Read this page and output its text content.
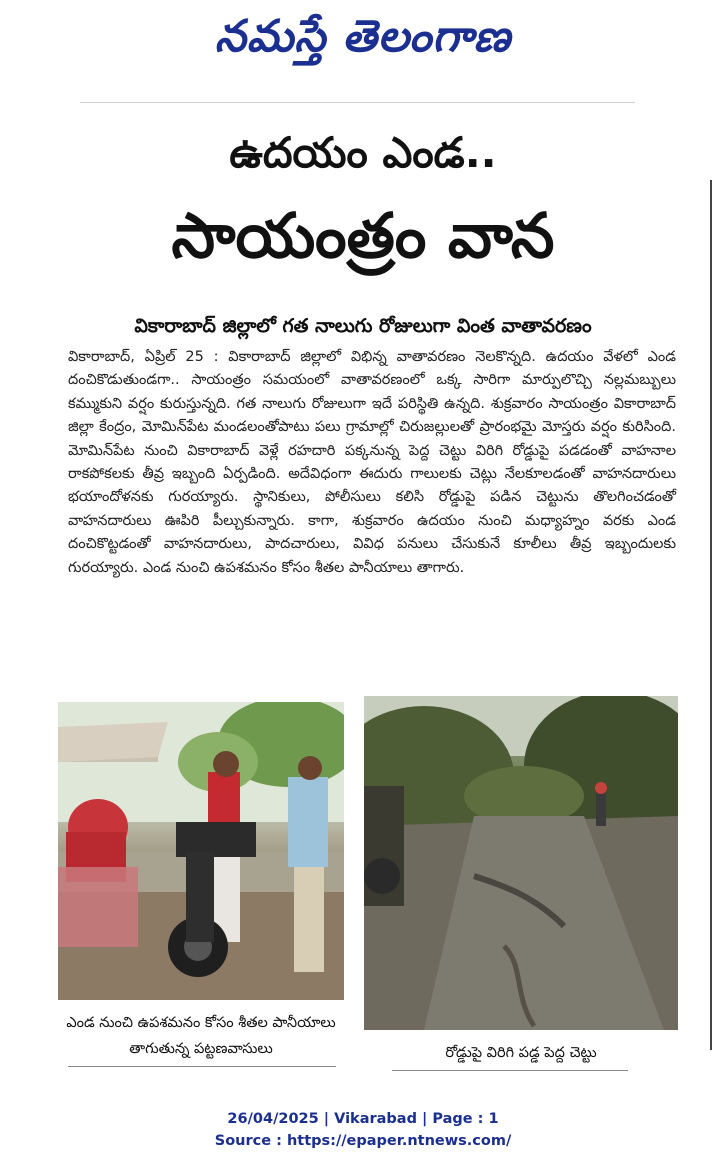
నమస్తే తెలంగాణ
ఉదయం ఎండ..
సాయంత్రం వాన
వికారాబాద్ జిల్లాలో గత నాలుగు రోజులుగా వింత వాతావరణం
వికారాబాద్, ఏప్రిల్ 25 : వికారాబాద్ జిల్లాలో విభిన్న వాతావరణం నెలకొన్నది. ఉదయం వేళలో ఎండ దంచికొడుతుండగా.. సాయంత్రం సమయంలో వాతావరణంలో ఒక్క సారిగా మార్పులొచ్చి నల్లమబ్బులు కమ్ముకుని వర్షం కురుస్తున్నది. గత నాలుగు రోజులుగా ఇదే పరిస్థితి ఉన్నది. శుక్రవారం సాయంత్రం వికారాబాద్ జిల్లా కేంద్రం, మోమిన్‌పేట మండలంతోపాటు పలు గ్రామాల్లో చిరుజల్లులతో ప్రారంభమై మోస్తరు వర్షం కురిసింది. మోమిన్‌పేట నుంచి వికారాబాద్ వెళ్లే రహదారి పక్కనున్న పెద్ద చెట్టు విరిగి రోడ్డుపై పడడంతో వాహనాల రాకపోకలకు తీవ్ర ఇబ్బంది ఏర్పడింది. అదేవిధంగా ఈదురు గాలులకు చెట్లు నేలకూలడంతో వాహనదారులు భయాందోళనకు గురయ్యారు. స్థానికులు, పోలీసులు కలిసి రోడ్డుపై పడిన చెట్టును తొలగించడంతో వాహనదారులు ఊపిరి పీల్చుకున్నారు. కాగా, శుక్రవారం ఉదయం నుంచి మధ్యాహ్నం వరకు ఎండ దంచికొట్టడంతో వాహనదారులు, పాదచారులు, వివిధ పనులు చేసుకునే కూలీలు తీవ్ర ఇబ్బందులకు గురయ్యారు. ఎండ నుంచి ఉపశమనం కోసం శీతల పానీయాలు తాగారు.
ఎండ నుంచి ఉపశమనం కోసం శీతల పానీయాలు తాగుతున్న పట్టణవాసులు	రోడ్డుపై విరిగి పడ్డ పెద్ద చెట్టు
26/04/2025 | Vikarabad | Page : 1
Source : https://epaper.ntnews.com/
